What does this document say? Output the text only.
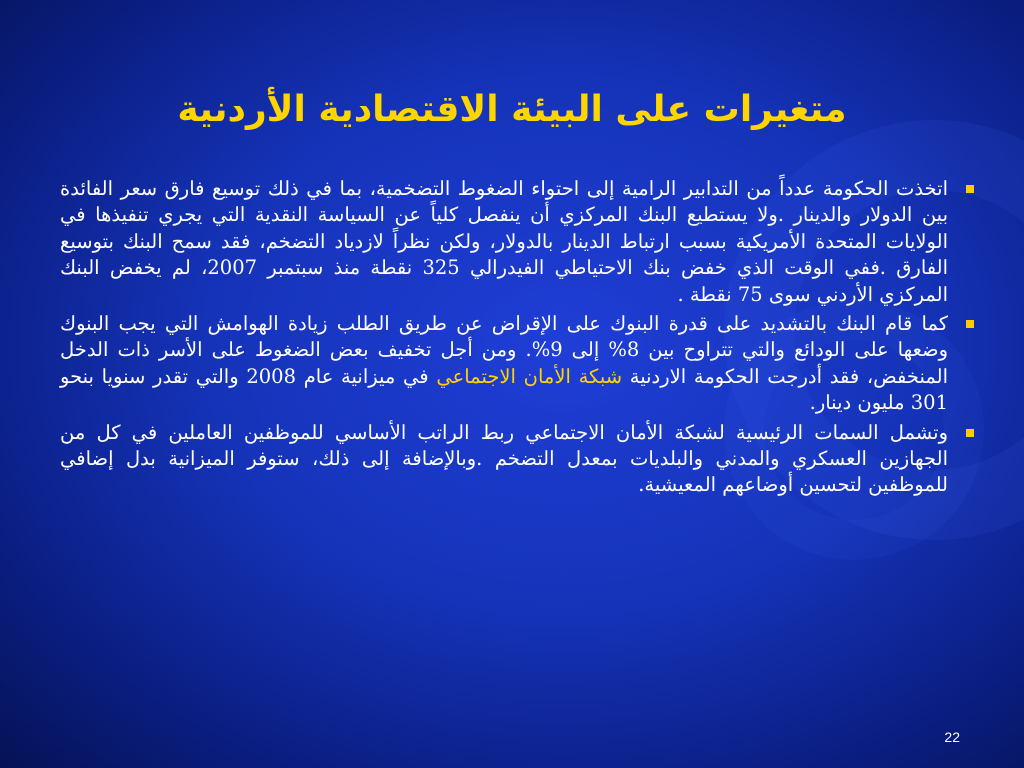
متغيرات على البيئة الاقتصادية الأردنية

اتخذت الحكومة عدداً من التدابير الرامية إلى احتواء الضغوط التضخمية، بما في ذلك توسيع فارق سعر الفائدة بين الدولار والدينار .ولا يستطيع البنك المركزي أن ينفصل كلياً عن السياسة النقدية التي يجري تنفيذها في الولايات المتحدة الأمريكية بسبب ارتباط الدينار بالدولار، ولكن نظراً لازدياد التضخم، فقد سمح البنك بتوسيع الفارق .ففي الوقت الذي خفض بنك الاحتياطي الفيدرالي 325 نقطة منذ سبتمبر 2007، لم يخفض البنك المركزي الأردني سوى 75 نقطة .

كما قام البنك بالتشديد على قدرة البنوك على الإقراض عن طريق الطلب زيادة الهوامش التي يجب البنوك وضعها على الودائع والتي تتراوح بين 8% إلى 9%. ومن أجل تخفيف بعض الضغوط على الأسر ذات الدخل المنخفض، فقد أدرجت الحكومة الاردنية شبكة الأمان الاجتماعي في ميزانية عام 2008 والتي تقدر سنويا بنحو 301 مليون دينار.

وتشمل السمات الرئيسية لشبكة الأمان الاجتماعي ربط الراتب الأساسي للموظفين العاملين في كل من الجهازين العسكري والمدني والبلديات بمعدل التضخم .وبالإضافة إلى ذلك، ستوفر الميزانية بدل إضافي للموظفين لتحسين أوضاعهم المعيشية.

22
